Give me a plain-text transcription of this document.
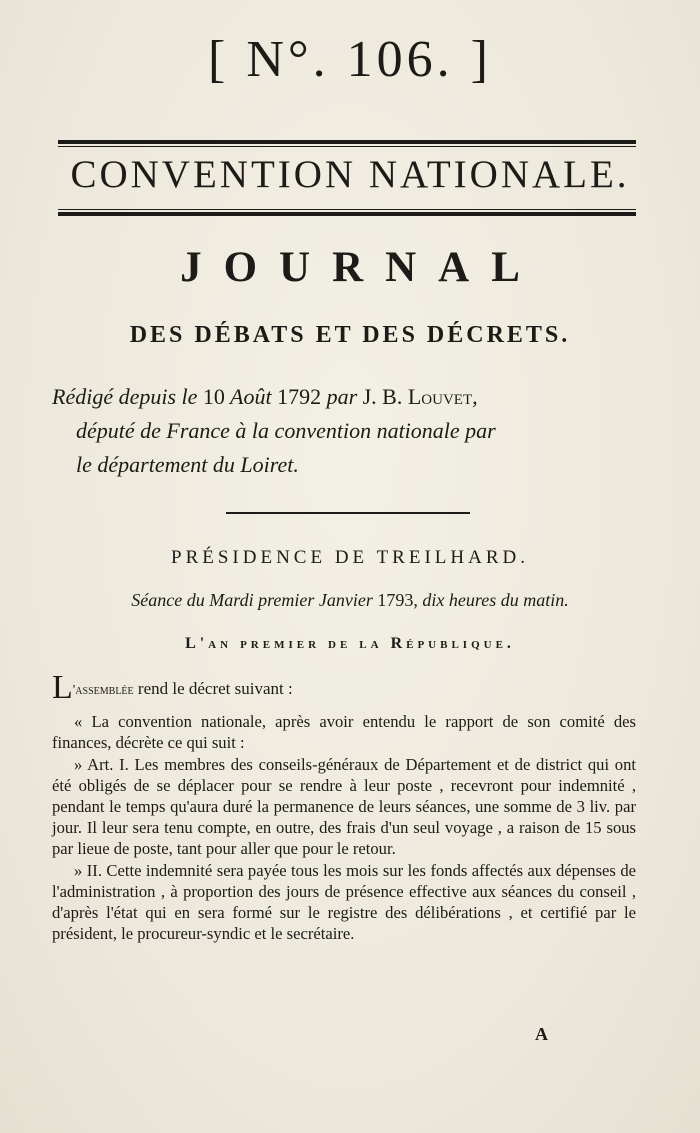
[ N°. 106. ]
CONVENTION NATIONALE.
JOURNAL
DES DÉBATS ET DES DÉCRETS.
Rédigé depuis le 10 Août 1792 par J. B. Louvet,
député de France à la convention nationale par
le département du Loiret.
PRÉSIDENCE DE TREILHARD.
Séance du Mardi premier Janvier 1793, dix heures du matin.
L'an premier de la République.

L'assemblée rend le décret suivant :

« La convention nationale, après avoir entendu le rapport de son comité des finances, décrète ce qui suit :

» Art. I. Les membres des conseils-généraux de Département et de district qui ont été obligés de se déplacer pour se rendre à leur poste , recevront pour indemnité , pendant le temps qu'aura duré la permanence de leurs séances, une somme de 3 liv. par jour. Il leur sera tenu compte, en outre, des frais d'un seul voyage , a raison de 15 sous par lieue de poste, tant pour aller que pour le retour.

» II. Cette indemnité sera payée tous les mois sur les fonds affectés aux dépenses de l'administration , à proportion des jours de présence effective aux séances du conseil , d'après l'état qui en sera formé sur le registre des délibérations , et certifié par le président, le procureur-syndic et le secrétaire.

A
